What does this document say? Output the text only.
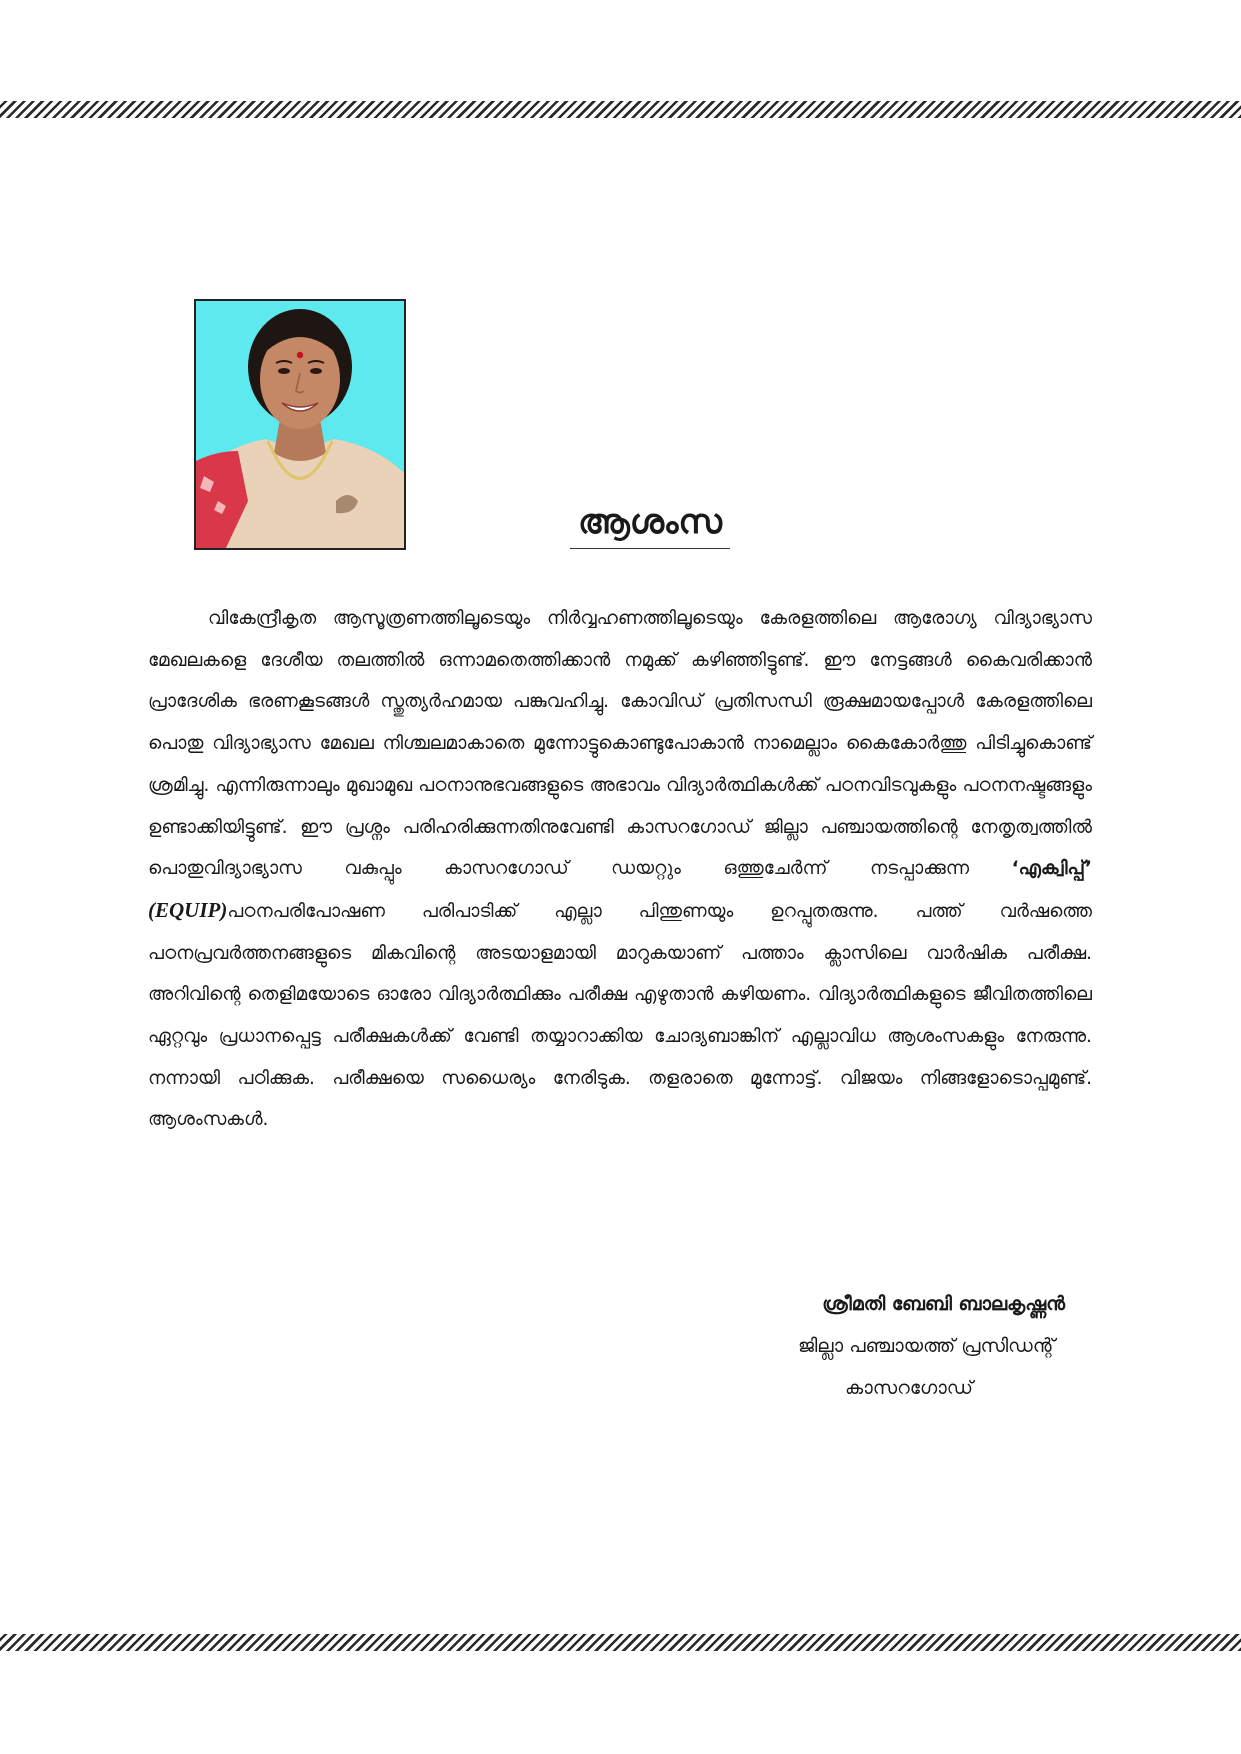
ആശംസ

വികേന്ദ്രീകൃത ആസൂത്രണത്തിലൂടെയും നിർവ്വഹണത്തിലൂടെയും കേരളത്തിലെ ആരോഗ്യ വിദ്യാഭ്യാസ മേഖലകളെ ദേശീയ തലത്തിൽ ഒന്നാമതെത്തിക്കാൻ നമുക്ക് കഴിഞ്ഞിട്ടുണ്ട്. ഈ നേട്ടങ്ങൾ കൈവരിക്കാൻ പ്രാദേശിക ഭരണകൂടങ്ങൾ സ്തുത്യർഹമായ പങ്കുവഹിച്ചു. കോവിഡ് പ്രതിസന്ധി രൂക്ഷമായപ്പോൾ കേരളത്തിലെ പൊതു വിദ്യാഭ്യാസ മേഖല നിശ്ചലമാകാതെ മുന്നോട്ടുകൊണ്ടുപോകാൻ നാമെല്ലാം കൈകോർത്തു പിടിച്ചുകൊണ്ട് ശ്രമിച്ചു. എന്നിരുന്നാലും മുഖാമുഖ പഠനാനുഭവങ്ങളുടെ അഭാവം വിദ്യാർത്ഥികൾക്ക് പഠനവിടവുകളും പഠനനഷ്ടങ്ങളും ഉണ്ടാക്കിയിട്ടുണ്ട്. ഈ പ്രശ്നം പരിഹരിക്കുന്നതിനുവേണ്ടി കാസറഗോഡ് ജില്ലാ പഞ്ചായത്തിന്റെ നേതൃത്വത്തിൽ പൊതുവിദ്യാഭ്യാസ വകുപ്പും കാസറഗോഡ് ഡയറ്റും ഒത്തുചേർന്ന് നടപ്പാക്കുന്ന ‘എക്വിപ്പ്’ (EQUIP)പഠനപരിപോഷണ പരിപാടിക്ക് എല്ലാ പിന്തുണയും ഉറപ്പുതരുന്നു. പത്ത് വർഷത്തെ പഠനപ്രവർത്തനങ്ങളുടെ മികവിന്റെ അടയാളമായി മാറുകയാണ് പത്താം ക്ലാസിലെ വാർഷിക പരീക്ഷ. അറിവിന്റെ തെളിമയോടെ ഓരോ വിദ്യാർത്ഥിക്കും പരീക്ഷ എഴുതാൻ കഴിയണം. വിദ്യാർത്ഥികളുടെ ജീവിതത്തിലെ ഏറ്റവും പ്രധാനപ്പെട്ട പരീക്ഷകൾക്ക് വേണ്ടി തയ്യാറാക്കിയ ചോദ്യബാങ്കിന് എല്ലാവിധ ആശംസകളും നേരുന്നു. നന്നായി പഠിക്കുക. പരീക്ഷയെ സധൈര്യം നേരിടുക. തളരാതെ മുന്നോട്ട്. വിജയം നിങ്ങളോടൊപ്പമുണ്ട്. ആശംസകൾ.

ശ്രീമതി ബേബി ബാലകൃഷ്ണൻ
ജില്ലാ പഞ്ചായത്ത് പ്രസിഡന്റ്
കാസറഗോഡ്
